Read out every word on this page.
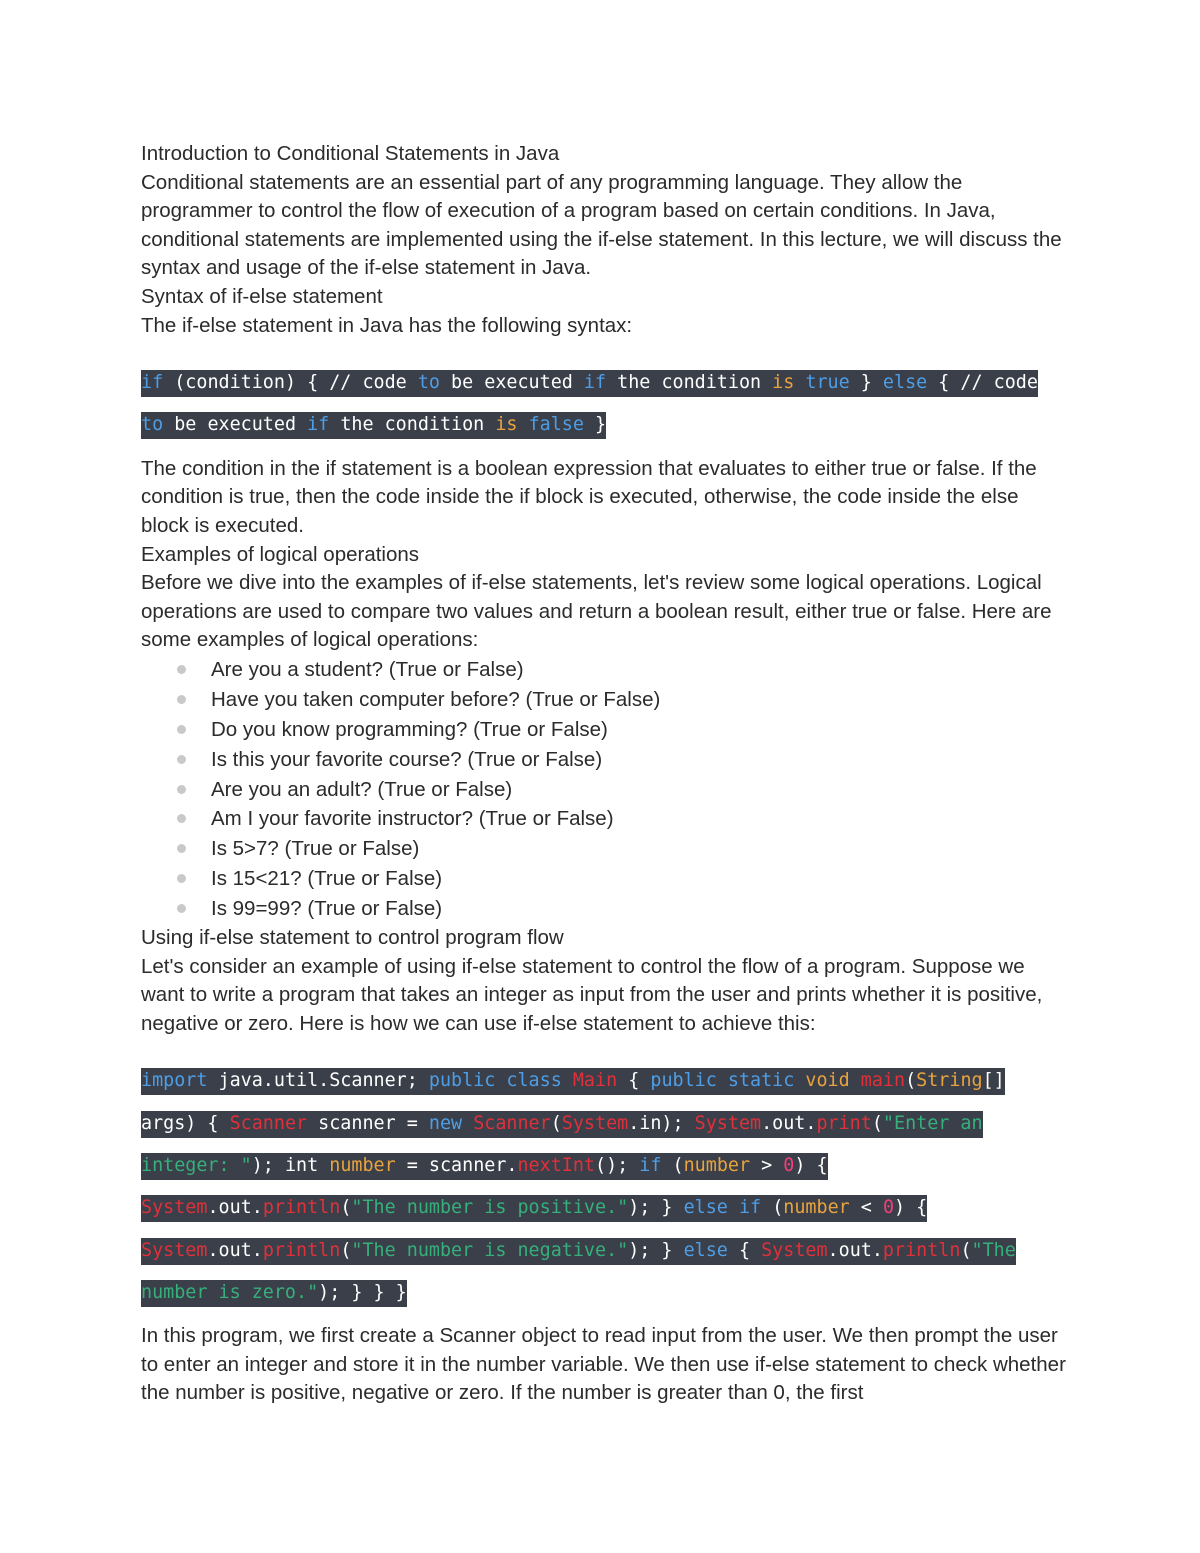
Introduction to Conditional Statements in Java

Conditional statements are an essential part of any programming language. They allow the programmer to control the flow of execution of a program based on certain conditions. In Java, conditional statements are implemented using the if-else statement. In this lecture, we will discuss the syntax and usage of the if-else statement in Java.

Syntax of if-else statement

The if-else statement in Java has the following syntax:

if (condition) { // code to be executed if the condition is true } else { // code
to be executed if the condition is false }

The condition in the if statement is a boolean expression that evaluates to either true or false. If the condition is true, then the code inside the if block is executed, otherwise, the code inside the else block is executed.

Examples of logical operations

Before we dive into the examples of if-else statements, let's review some logical operations. Logical operations are used to compare two values and return a boolean result, either true or false. Here are some examples of logical operations:

Are you a student? (True or False)
Have you taken computer before? (True or False)
Do you know programming? (True or False)
Is this your favorite course? (True or False)
Are you an adult? (True or False)
Am I your favorite instructor? (True or False)
Is 5>7? (True or False)
Is 15<21? (True or False)
Is 99=99? (True or False)

Using if-else statement to control program flow

Let's consider an example of using if-else statement to control the flow of a program. Suppose we want to write a program that takes an integer as input from the user and prints whether it is positive, negative or zero. Here is how we can use if-else statement to achieve this:

import java.util.Scanner; public class Main { public static void main(String[]
args) { Scanner scanner = new Scanner(System.in); System.out.print("Enter an
integer: "); int number = scanner.nextInt(); if (number > 0) {
System.out.println("The number is positive."); } else if (number < 0) {
System.out.println("The number is negative."); } else { System.out.println("The
number is zero."); } } }

In this program, we first create a Scanner object to read input from the user. We then prompt the user to enter an integer and store it in the number variable. We then use if-else statement to check whether the number is positive, negative or zero. If the number is greater than 0, the first
